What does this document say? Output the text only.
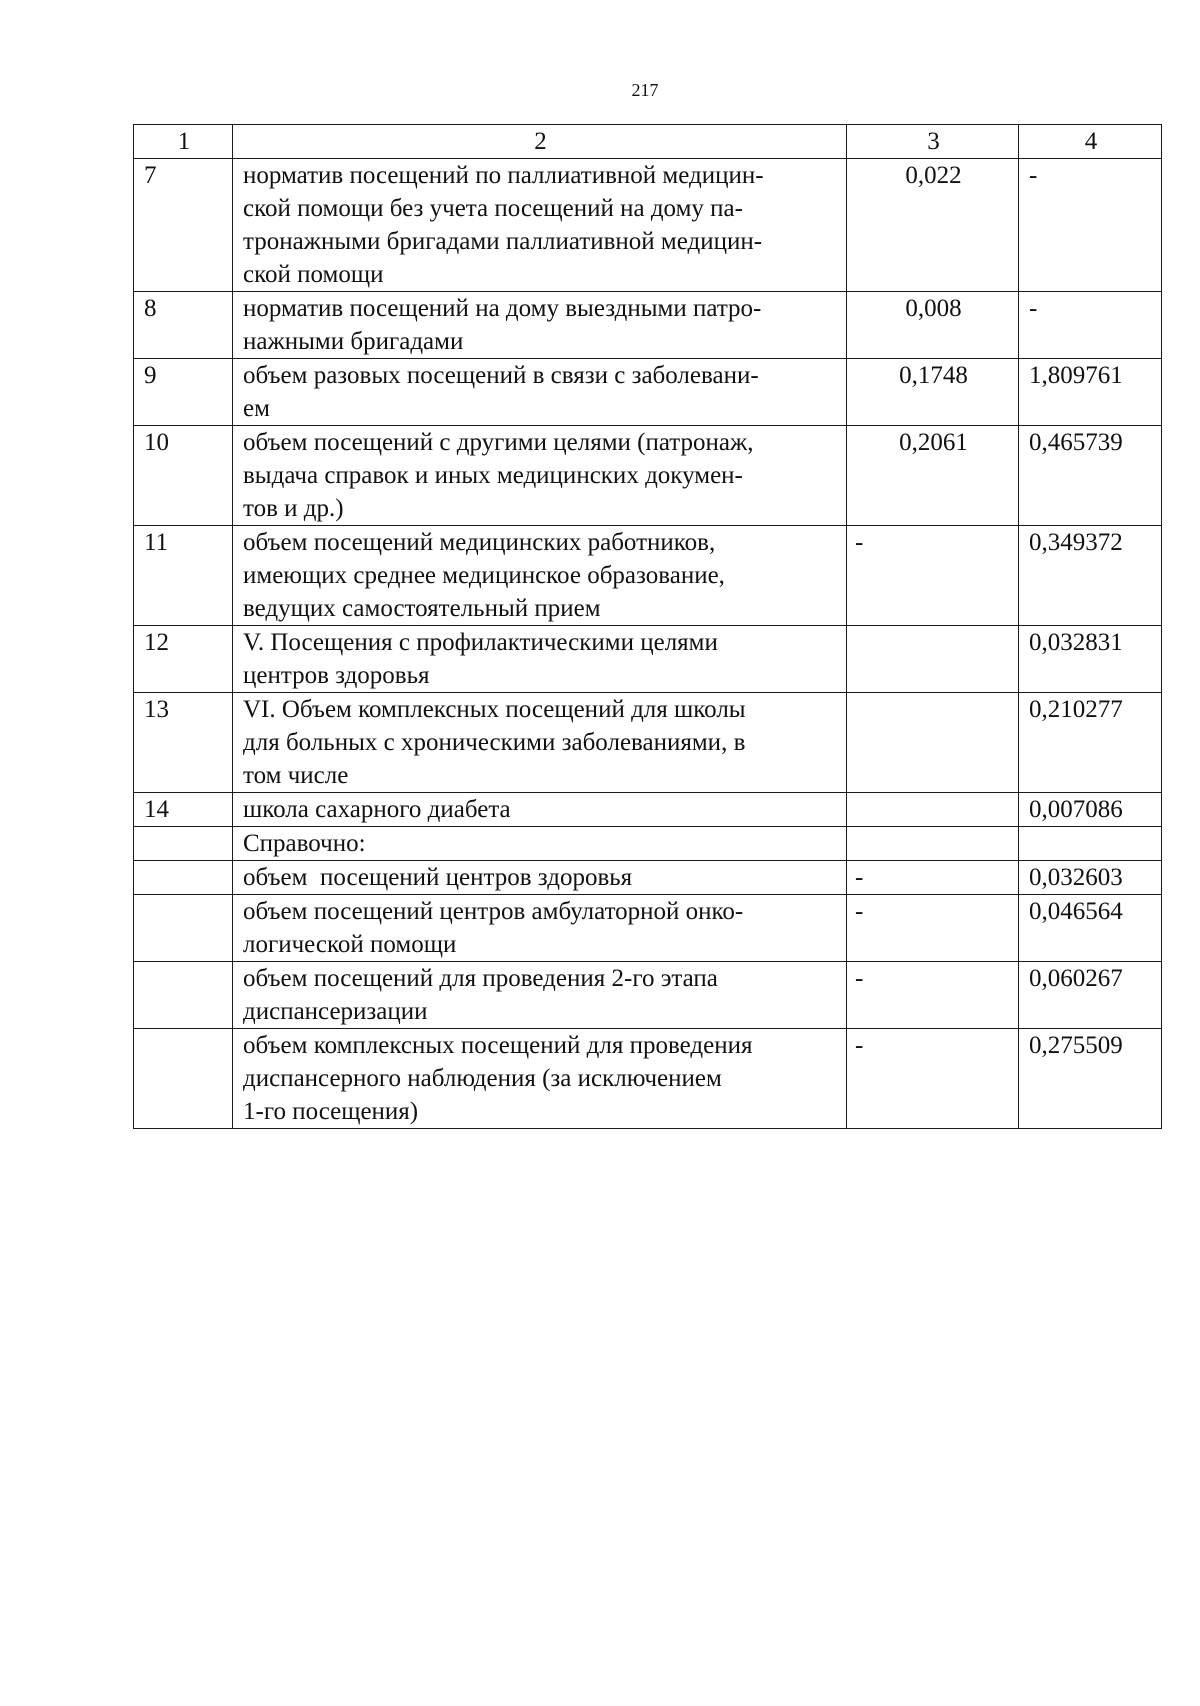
217
1	2	3	4
7	норматив посещений по паллиативной медицин-
ской помощи без учета посещений на дому па-
тронажными бригадами паллиативной медицин-
ской помощи	0,022	-
8	норматив посещений на дому выездными патро-
нажными бригадами	0,008	-
9	объем разовых посещений в связи с заболевани-
ем	0,1748	1,809761
10	объем посещений с другими целями (патронаж,
выдача справок и иных медицинских докумен-
тов и др.)	0,2061	0,465739
11	объем посещений медицинских работников,
имеющих среднее медицинское образование,
ведущих самостоятельный прием	-	0,349372
12	V. Посещения с профилактическими целями
центров здоровья		0,032831
13	VI. Объем комплексных посещений для школы
для больных с хроническими заболеваниями, в
том числе		0,210277
14	школа сахарного диабета		0,007086

	Справочно:		

	объем  посещений центров здоровья	-	0,032603

	объем посещений центров амбулаторной онко-
логической помощи	-	0,046564

	объем посещений для проведения 2-го этапа
диспансеризации	-	0,060267

	объем комплексных посещений для проведения
диспансерного наблюдения (за исключением
1-го посещения)	-	0,275509
